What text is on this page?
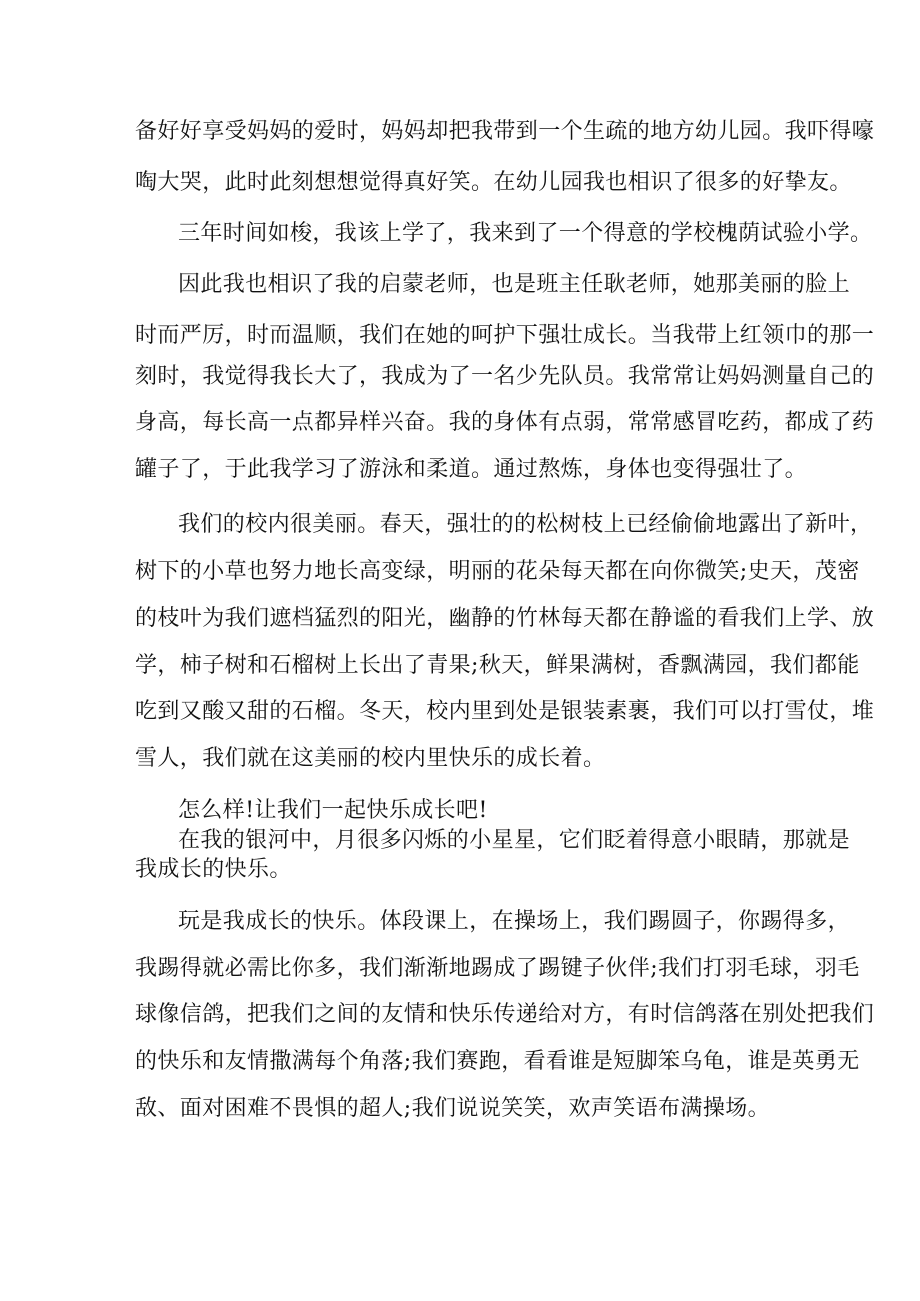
备好好享受妈妈的爱时，妈妈却把我带到一个生疏的地方幼儿园。我吓得嚎
啕大哭，此时此刻想想觉得真好笑。在幼儿园我也相识了很多的好挚友。
三年时间如梭，我该上学了，我来到了一个得意的学校槐荫试验小学。
因此我也相识了我的启蒙老师，也是班主任耿老师，她那美丽的脸上
时而严厉，时而温顺，我们在她的呵护下强壮成长。当我带上红领巾的那一
刻时，我觉得我长大了，我成为了一名少先队员。我常常让妈妈测量自己的
身高，每长高一点都异样兴奋。我的身体有点弱，常常感冒吃药，都成了药
罐子了，于此我学习了游泳和柔道。通过熬炼，身体也变得强壮了。
我们的校内很美丽。春天，强壮的的松树枝上已经偷偷地露出了新叶，
树下的小草也努力地长高变绿，明丽的花朵每天都在向你微笑;史天，茂密
的枝叶为我们遮档猛烈的阳光，幽静的竹林每天都在静谧的看我们上学、放
学，柿子树和石榴树上长出了青果;秋天，鲜果满树，香飘满园，我们都能
吃到又酸又甜的石榴。冬天，校内里到处是银装素裹，我们可以打雪仗，堆
雪人，我们就在这美丽的校内里快乐的成长着。
怎么样!让我们一起快乐成长吧!
在我的银河中，月很多闪烁的小星星，它们眨着得意小眼睛，那就是
我成长的快乐。
玩是我成长的快乐。体段课上，在操场上，我们踢圆子，你踢得多，
我踢得就必需比你多，我们渐渐地踢成了踢键子伙伴;我们打羽毛球，羽毛
球像信鸽，把我们之间的友情和快乐传递给对方，有时信鸽落在别处把我们
的快乐和友情撒满每个角落;我们赛跑，看看谁是短脚笨乌龟，谁是英勇无
敌、面对困难不畏惧的超人;我们说说笑笑，欢声笑语布满操场。
